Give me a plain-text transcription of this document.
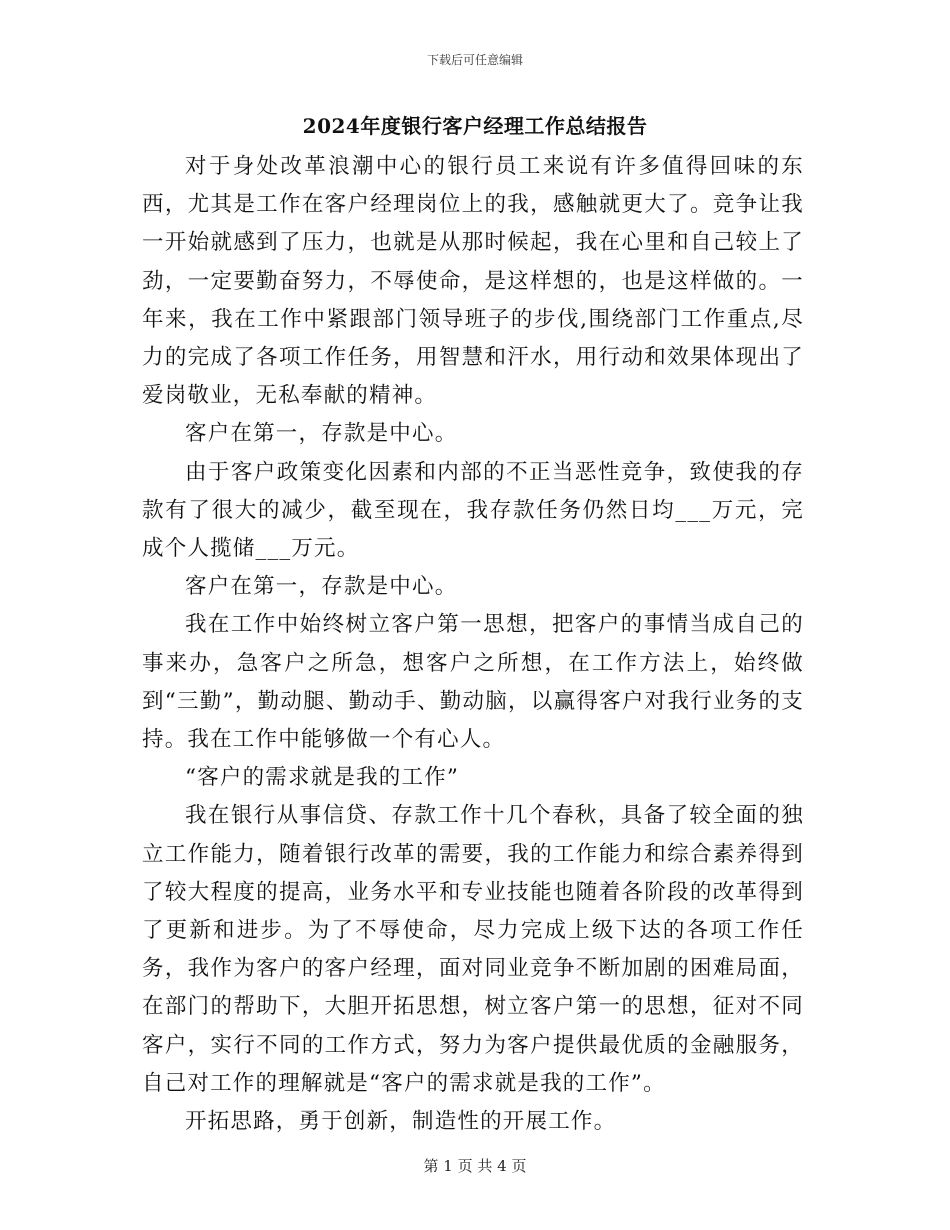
下载后可任意编辑
2024年度银行客户经理工作总结报告

对于身处改革浪潮中心的银行员工来说有许多值得回味的东西，尤其是工作在客户经理岗位上的我，感触就更大了。竞争让我一开始就感到了压力，也就是从那时候起，我在心里和自己较上了劲，一定要勤奋努力，不辱使命，是这样想的，也是这样做的。一年来，我在工作中紧跟部门领导班子的步伐,围绕部门工作重点,尽力的完成了各项工作任务，用智慧和汗水，用行动和效果体现出了爱岗敬业，无私奉献的精神。

客户在第一，存款是中心。

由于客户政策变化因素和内部的不正当恶性竞争，致使我的存款有了很大的减少，截至现在，我存款任务仍然日均___万元，完成个人揽储___万元。

客户在第一，存款是中心。

我在工作中始终树立客户第一思想，把客户的事情当成自己的事来办，急客户之所急，想客户之所想，在工作方法上，始终做到“三勤”，勤动腿、勤动手、勤动脑，以赢得客户对我行业务的支持。我在工作中能够做一个有心人。

“客户的需求就是我的工作”

我在银行从事信贷、存款工作十几个春秋，具备了较全面的独立工作能力，随着银行改革的需要，我的工作能力和综合素养得到了较大程度的提高，业务水平和专业技能也随着各阶段的改革得到了更新和进步。为了不辱使命，尽力完成上级下达的各项工作任务，我作为客户的客户经理，面对同业竞争不断加剧的困难局面，在部门的帮助下，大胆开拓思想，树立客户第一的思想，征对不同客户，实行不同的工作方式，努力为客户提供最优质的金融服务，自己对工作的理解就是“客户的需求就是我的工作”。

开拓思路，勇于创新，制造性的开展工作。

第 1 页 共 4 页
